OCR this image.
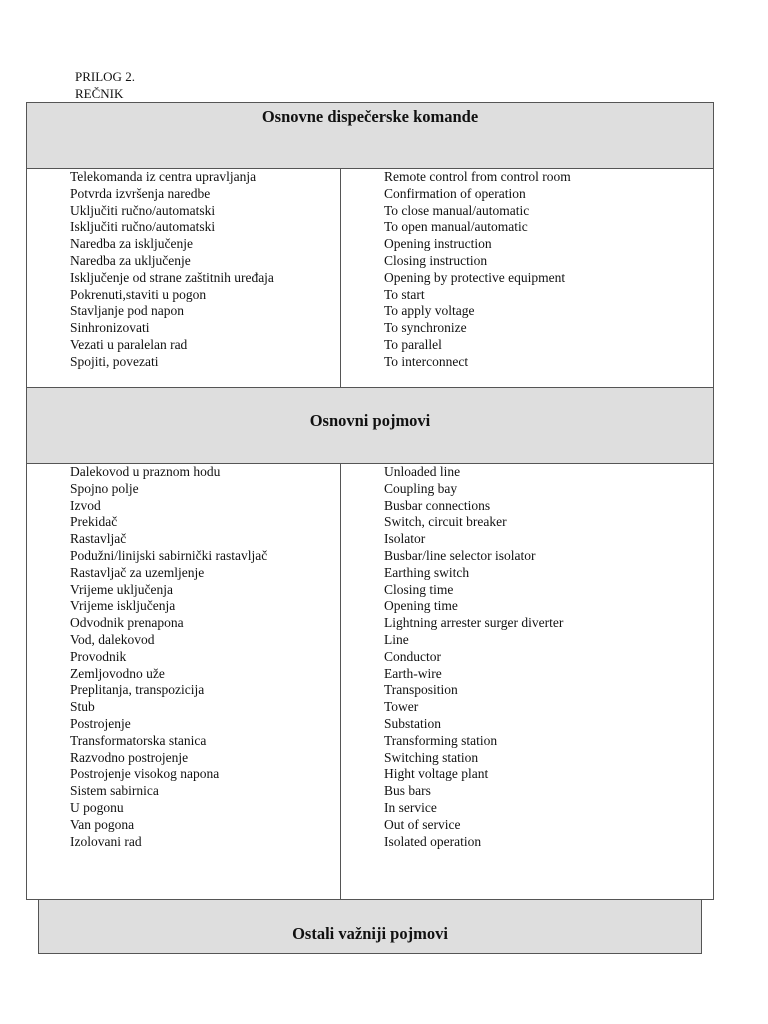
PRILOG 2.
REČNIK
Osnovne dispečerske komande
Telekomanda iz centra upravljanja
Potvrda izvršenja naredbe
Uključiti ručno/automatski
Isključiti ručno/automatski
Naredba za isključenje
Naredba za uključenje
Isključenje od strane zaštitnih uređaja
Pokrenuti,staviti u pogon
Stavljanje pod napon
Sinhronizovati
Vezati u paralelan rad
Spojiti, povezati
Remote control from control room
Confirmation of operation
To close manual/automatic
To open manual/automatic
Opening instruction
Closing instruction
Opening by protective equipment
To start
To apply voltage
To synchronize
To parallel
To interconnect
Osnovni pojmovi
Dalekovod u praznom hodu
Spojno polje
Izvod
Prekidač
Rastavljač
Podužni/linijski sabirnički rastavljač
Rastavljač za uzemljenje
Vrijeme uključenja
Vrijeme isključenja
Odvodnik prenapona
Vod, dalekovod
Provodnik
Zemljovodno uže
Preplitanja, transpozicija
Stub
Postrojenje
Transformatorska stanica
Razvodno postrojenje
Postrojenje visokog napona
Sistem sabirnica
U pogonu
Van pogona
Izolovani rad
Unloaded line
Coupling bay
Busbar connections
Switch, circuit breaker
Isolator
Busbar/line selector isolator
Earthing switch
Closing time
Opening time
Lightning arrester surger diverter
Line
Conductor
Earth-wire
Transposition
Tower
Substation
Transforming station
Switching station
Hight voltage plant
Bus bars
In service
Out of service
Isolated operation
Ostali važniji pojmovi
